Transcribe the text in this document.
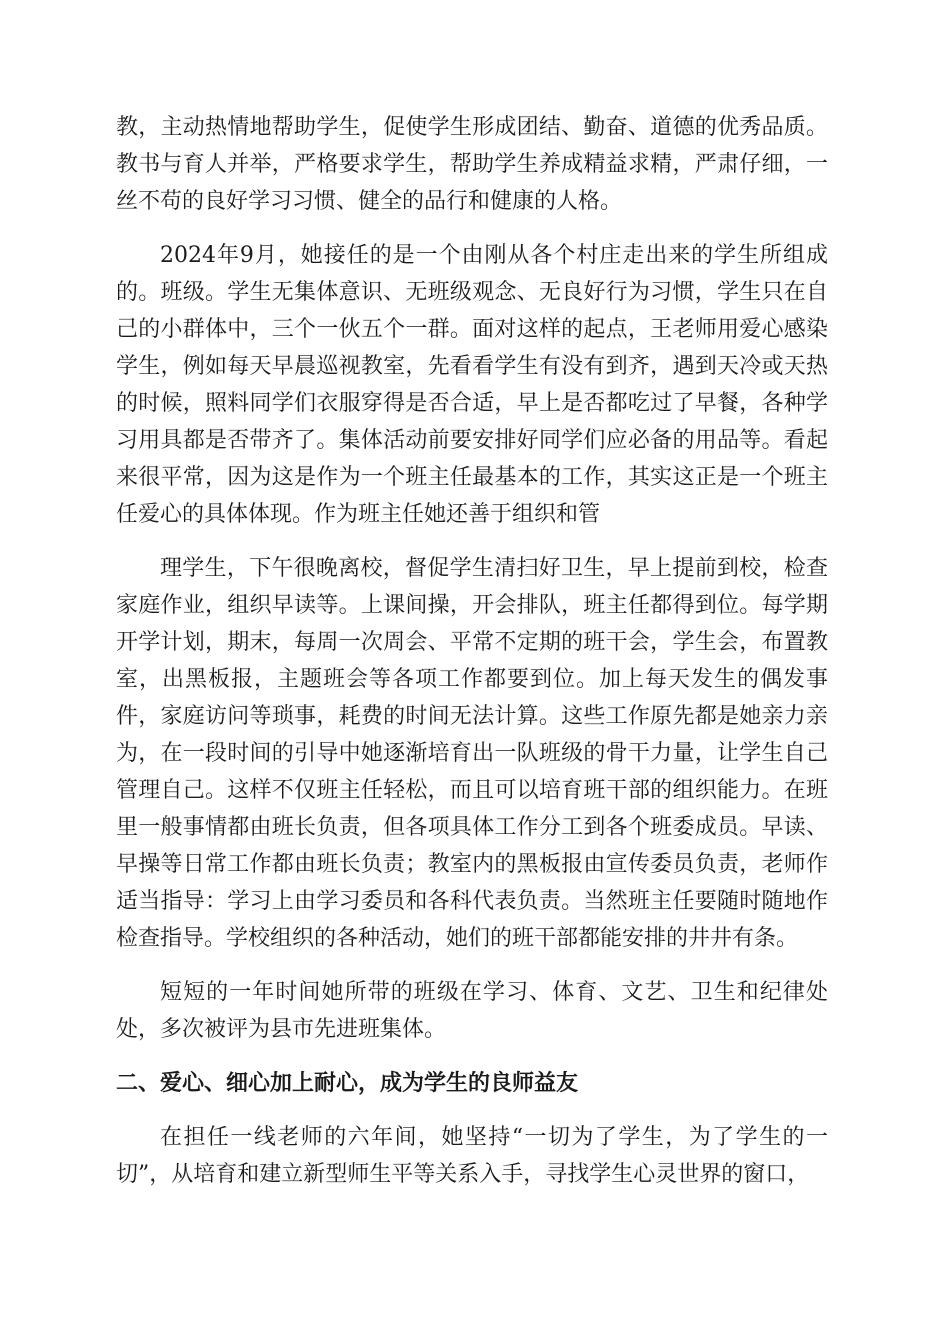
教，主动热情地帮助学生，促使学生形成团结、勤奋、道德的优秀品质。教书与育人并举，严格要求学生，帮助学生养成精益求精，严肃仔细，一丝不苟的良好学习习惯、健全的品行和健康的人格。

2024年9月，她接任的是一个由刚从各个村庄走出来的学生所组成的。班级。学生无集体意识、无班级观念、无良好行为习惯，学生只在自己的小群体中，三个一伙五个一群。面对这样的起点，王老师用爱心感染学生，例如每天早晨巡视教室，先看看学生有没有到齐，遇到天冷或天热的时候，照料同学们衣服穿得是否合适，早上是否都吃过了早餐，各种学习用具都是否带齐了。集体活动前要安排好同学们应必备的用品等。看起来很平常，因为这是作为一个班主任最基本的工作，其实这正是一个班主任爱心的具体体现。作为班主任她还善于组织和管

理学生，下午很晚离校，督促学生清扫好卫生，早上提前到校，检查家庭作业，组织早读等。上课间操，开会排队，班主任都得到位。每学期开学计划，期末，每周一次周会、平常不定期的班干会，学生会，布置教室，出黑板报，主题班会等各项工作都要到位。加上每天发生的偶发事件，家庭访问等琐事，耗费的时间无法计算。这些工作原先都是她亲力亲为，在一段时间的引导中她逐渐培育出一队班级的骨干力量，让学生自己管理自己。这样不仅班主任轻松，而且可以培育班干部的组织能力。在班里一般事情都由班长负责，但各项具体工作分工到各个班委成员。早读、早操等日常工作都由班长负责；教室内的黑板报由宣传委员负责，老师作适当指导：学习上由学习委员和各科代表负责。当然班主任要随时随地作检查指导。学校组织的各种活动，她们的班干部都能安排的井井有条。

短短的一年时间她所带的班级在学习、体育、文艺、卫生和纪律处处，多次被评为县市先进班集体。

二、爱心、细心加上耐心，成为学生的良师益友

在担任一线老师的六年间，她坚持“一切为了学生，为了学生的一切”，从培育和建立新型师生平等关系入手，寻找学生心灵世界的窗口，
